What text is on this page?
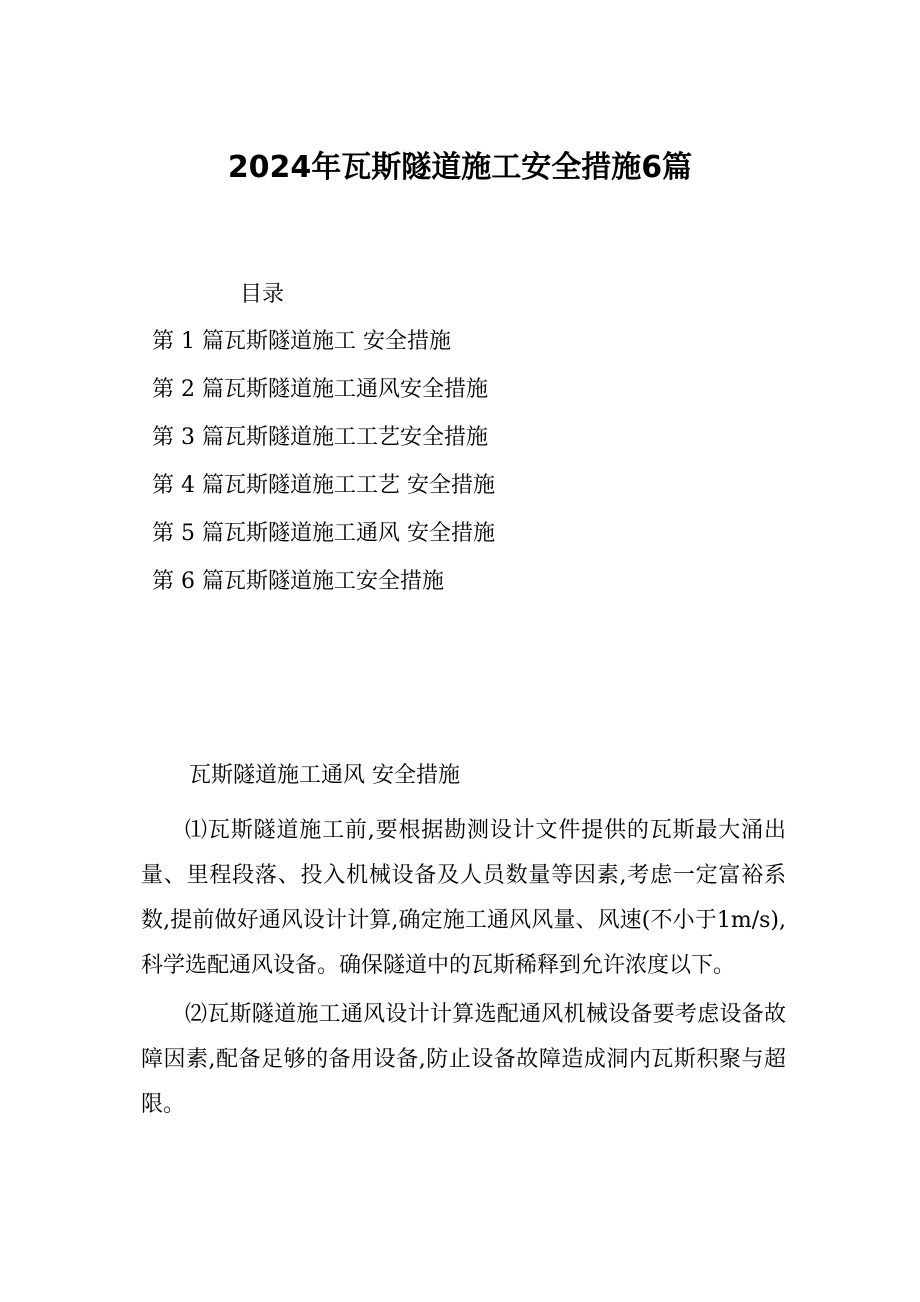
2024年瓦斯隧道施工安全措施6篇

目录

第 1 篇瓦斯隧道施工 安全措施
第 2 篇瓦斯隧道施工通风安全措施
第 3 篇瓦斯隧道施工工艺安全措施
第 4 篇瓦斯隧道施工工艺 安全措施
第 5 篇瓦斯隧道施工通风 安全措施
第 6 篇瓦斯隧道施工安全措施

瓦斯隧道施工通风 安全措施

⑴瓦斯隧道施工前,要根据勘测设计文件提供的瓦斯最大涌出量、里程段落、投入机械设备及人员数量等因素,考虑一定富裕系数,提前做好通风设计计算,确定施工通风风量、风速(不小于1m/s),科学选配通风设备。确保隧道中的瓦斯稀释到允许浓度以下。

⑵瓦斯隧道施工通风设计计算选配通风机械设备要考虑设备故障因素,配备足够的备用设备,防止设备故障造成洞内瓦斯积聚与超限。
